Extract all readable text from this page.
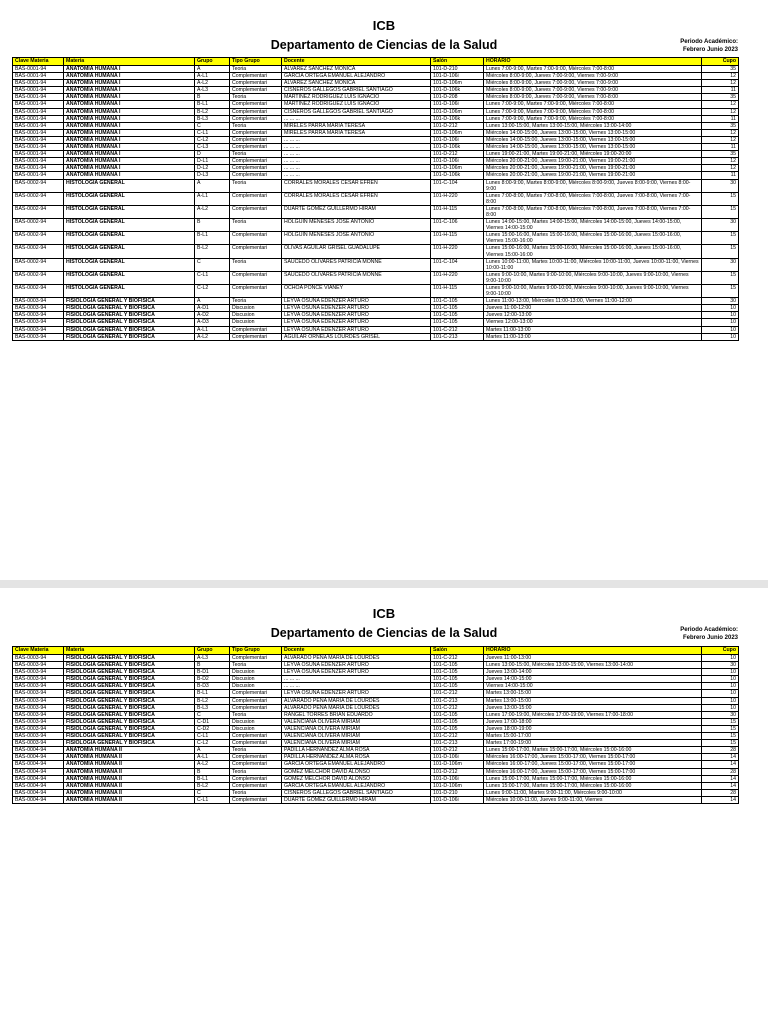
ICB
Departamento de Ciencias de la Salud	Periodo Académico:
Febrero Junio 2023
Clave Materia	Materia	Grupo	Tipo Grupo	Docente	Salón	HORARIO	Cupo
BAS-0001-94	ANATOMIA HUMANA I	A	Teoria	ALVAREZ SANCHEZ MONICA	101-D-210	Lunes 7:00-9:00, Martes 7:00-9:00, Miércoles 7:00-8:00	35
BAS-0001-94	ANATOMIA HUMANA I	A-L1	Complementari	GARCIA ORTEGA EMANUEL ALEJANDRO	101-D-106i	Miércoles 8:00-9:00, Jueves 7:00-9:00, Viernes 7:00-9:00	12
BAS-0001-94	ANATOMIA HUMANA I	A-L2	Complementari	ALVAREZ SANCHEZ MONICA	101-D-106m	Miércoles 8:00-9:00, Jueves 7:00-9:00, Viernes 7:00-9:00	12
BAS-0001-94	ANATOMIA HUMANA I	A-L3	Complementari	CISNEROS GALLEGOS GABRIEL SANTIAGO	101-D-106k	Miércoles 8:00-9:00, Jueves 7:00-9:00, Viernes 7:00-9:00	11
BAS-0001-94	ANATOMIA HUMANA I	B	Teoria	MARTINEZ RODRIGUEZ LUIS IGNACIO	101-D-208	Miércoles 8:00-9:00, Jueves 7:00-9:00, Viernes 7:00-8:00	35
BAS-0001-94	ANATOMIA HUMANA I	B-L1	Complementari	MARTINEZ RODRIGUEZ LUIS IGNACIO	101-D-106i	Lunes 7:00-9:00, Martes 7:00-9:00, Miércoles 7:00-8:00	12
BAS-0001-94	ANATOMIA HUMANA I	B-L2	Complementari	CISNEROS GALLEGOS GABRIEL SANTIAGO	101-D-106m	Lunes 7:00-9:00, Martes 7:00-9:00, Miércoles 7:00-8:00	12
BAS-0001-94	ANATOMIA HUMANA I	B-L3	Complementari	... ... ...	101-D-106k	Lunes 7:00-9:00, Martes 7:00-9:00, Miércoles 7:00-8:00	11
BAS-0001-94	ANATOMIA HUMANA I	C	Teoria	MIRELES PARRA MARIA TERESA	101-D-212	Lunes 13:00-15:00, Martes 13:00-15:00, Miércoles 13:00-14:00	35
BAS-0001-94	ANATOMIA HUMANA I	C-L1	Complementari	MIRELES PARRA MARIA TERESA	101-D-106m	Miércoles 14:00-15:00, Jueves 13:00-15:00, Viernes 13:00-15:00	12
BAS-0001-94	ANATOMIA HUMANA I	C-L2	Complementari	... ... ...	101-D-106i	Miércoles 14:00-15:00, Jueves 13:00-15:00, Viernes 13:00-15:00	12
BAS-0001-94	ANATOMIA HUMANA I	C-L3	Complementari	... ... ...	101-D-106k	Miércoles 14:00-15:00, Jueves 13:00-15:00, Viernes 13:00-15:00	11
BAS-0001-94	ANATOMIA HUMANA I	D	Teoria	... ... ...	101-D-212	Lunes 19:00-21:00, Martes 19:00-21:00, Miércoles 19:00-20:00	35
BAS-0001-94	ANATOMIA HUMANA I	D-L1	Complementari	... ... ...	101-D-106i	Miércoles 20:00-21:00, Jueves 19:00-21:00, Viernes 19:00-21:00	12
BAS-0001-94	ANATOMIA HUMANA I	D-L2	Complementari	... ... ...	101-D-106m	Miércoles 20:00-21:00, Jueves 19:00-21:00, Viernes 19:00-21:00	12
BAS-0001-94	ANATOMIA HUMANA I	D-L3	Complementari	... ... ...	101-D-106k	Miércoles 20:00-21:00, Jueves 19:00-21:00, Viernes 19:00-21:00	11
BAS-0002-94	HISTOLOGIA GENERAL	A	Teoria	CORRALES MORALES CESAR EFREN	101-C-104	Lunes 8:00-9:00, Martes 8:00-9:00, Miércoles 8:00-9:00, Jueves 8:00-9:00, Viernes 8:00-9:00	30
BAS-0002-94	HISTOLOGIA GENERAL	A-L1	Complementari	CORRALES MORALES CESAR EFREN	101-H-220	Lunes 7:00-8:00, Martes 7:00-8:00, Miércoles 7:00-8:00, Jueves 7:00-8:00, Viernes 7:00-8:00	15
BAS-0002-94	HISTOLOGIA GENERAL	A-L2	Complementari	DUARTE GOMEZ GUILLERMO HIRAM	101-H-115	Lunes 7:00-8:00, Martes 7:00-8:00, Miércoles 7:00-8:00, Jueves 7:00-8:00, Viernes 7:00-8:00	15
BAS-0002-94	HISTOLOGIA GENERAL	B	Teoria	HOLGUIN MENESES JOSE ANTONIO	101-C-106	Lunes 14:00-15:00, Martes 14:00-15:00, Miércoles 14:00-15:00, Jueves 14:00-15:00, Viernes 14:00-15:00	30
BAS-0002-94	HISTOLOGIA GENERAL	B-L1	Complementari	HOLGUIN MENESES JOSE ANTONIO	101-H-115	Lunes 15:00-16:00, Martes 15:00-16:00, Miércoles 15:00-16:00, Jueves 15:00-16:00, Viernes 15:00-16:00	15
BAS-0002-94	HISTOLOGIA GENERAL	B-L2	Complementari	OLIVAS AGUILAR GRISEL GUADALUPE	101-H-220	Lunes 15:00-16:00, Martes 15:00-16:00, Miércoles 15:00-16:00, Jueves 15:00-16:00, Viernes 15:00-16:00	15
BAS-0002-94	HISTOLOGIA GENERAL	C	Teoria	SAUCEDO OLIVARES PATRICIA MONNE	101-C-104	Lunes 10:00-11:00, Martes 10:00-11:00, Miércoles 10:00-11:00, Jueves 10:00-11:00, Viernes 10:00-11:00	30
BAS-0002-94	HISTOLOGIA GENERAL	C-L1	Complementari	SAUCEDO OLIVARES PATRICIA MONNE	101-H-220	Lunes 9:00-10:00, Martes 9:00-10:00, Miércoles 9:00-10:00, Jueves 9:00-10:00, Viernes 9:00-10:00	15
BAS-0002-94	HISTOLOGIA GENERAL	C-L2	Complementari	OCHOA PONCE VIANEY	101-H-115	Lunes 9:00-10:00, Martes 9:00-10:00, Miércoles 9:00-10:00, Jueves 9:00-10:00, Viernes 9:00-10:00	15
BAS-0003-94	FISIOLOGIA GENERAL Y BIOFISICA	A	Teoria	LEYVA OSUNA EDENZER ARTURO	101-C-105	Lunes 11:00-13:00, Miércoles 11:00-13:00, Viernes 11:00-12:00	30
BAS-0003-94	FISIOLOGIA GENERAL Y BIOFISICA	A-D1	Discusion	LEYVA OSUNA EDENZER ARTURO	101-C-105	Jueves 11:00-12:00	10
BAS-0003-94	FISIOLOGIA GENERAL Y BIOFISICA	A-D2	Discusion	LEYVA OSUNA EDENZER ARTURO	101-C-105	Jueves 12:00-13:00	10
BAS-0003-94	FISIOLOGIA GENERAL Y BIOFISICA	A-D3	Discusion	LEYVA OSUNA EDENZER ARTURO	101-C-105	Viernes 12:00-13:00	10
BAS-0003-94	FISIOLOGIA GENERAL Y BIOFISICA	A-L1	Complementari	LEYVA OSUNA EDENZER ARTURO	101-C-212	Martes 11:00-13:00	10
BAS-0003-94	FISIOLOGIA GENERAL Y BIOFISICA	A-L2	Complementari	AGUILAR ORNELAS LOURDES GRISEL	101-C-213	Martes 11:00-13:00	10
ICB
Departamento de Ciencias de la Salud	Periodo Académico:
Febrero Junio 2023
Clave Materia	Materia	Grupo	Tipo Grupo	Docente	Salón	HORARIO	Cupo
BAS-0003-94	FISIOLOGIA GENERAL Y BIOFISICA	A-L3	Complementari	ALVARADO PEÑA MARIA DE LOURDES	101-C-212	Jueves 11:00-13:00	10
BAS-0003-94	FISIOLOGIA GENERAL Y BIOFISICA	B	Teoria	LEYVA OSUNA EDENZER ARTURO	101-C-105	Lunes 13:00-15:00, Miércoles 13:00-15:00, Viernes 13:00-14:00	30
BAS-0003-94	FISIOLOGIA GENERAL Y BIOFISICA	B-D1	Discusion	LEYVA OSUNA EDENZER ARTURO	101-C-105	Jueves 13:00-14:00	10
BAS-0003-94	FISIOLOGIA GENERAL Y BIOFISICA	B-D2	Discusion	... ... ...	101-C-105	Jueves 14:00-15:00	10
BAS-0003-94	FISIOLOGIA GENERAL Y BIOFISICA	B-D3	Discusion	... ... ...	101-C-105	Viernes 14:00-15:00	10
BAS-0003-94	FISIOLOGIA GENERAL Y BIOFISICA	B-L1	Complementari	LEYVA OSUNA EDENZER ARTURO	101-C-212	Martes 13:00-15:00	10
BAS-0003-94	FISIOLOGIA GENERAL Y BIOFISICA	B-L2	Complementari	ALVARADO PEÑA MARIA DE LOURDES	101-C-213	Martes 13:00-15:00	10
BAS-0003-94	FISIOLOGIA GENERAL Y BIOFISICA	B-L3	Complementari	ALVARADO PEÑA MARIA DE LOURDES	101-C-212	Jueves 13:00-15:00	10
BAS-0003-94	FISIOLOGIA GENERAL Y BIOFISICA	C	Teoria	RANGEL TORRES BRIAN EDUARDO	101-C-105	Lunes 17:00-19:00, Miércoles 17:00-19:00, Viernes 17:00-18:00	30
BAS-0003-94	FISIOLOGIA GENERAL Y BIOFISICA	C-D1	Discusion	VALENCIANA OLIVERA MIRIAM	101-C-105	Jueves 17:00-18:00	15
BAS-0003-94	FISIOLOGIA GENERAL Y BIOFISICA	C-D2	Discusion	VALENCIANA OLIVERA MIRIAM	101-C-105	Jueves 18:00-19:00	15
BAS-0003-94	FISIOLOGIA GENERAL Y BIOFISICA	C-L1	Complementari	VALENCIANA OLIVERA MIRIAM	101-C-212	Martes 15:00-17:00	15
BAS-0003-94	FISIOLOGIA GENERAL Y BIOFISICA	C-L2	Complementari	VALENCIANA OLIVERA MIRIAM	101-C-213	Martes 17:00-19:00	15
BAS-0004-94	ANATOMIA HUMANA II	A	Teoria	PADILLA HERNANDEZ ALMA ROSA	101-D-212	Lunes 15:00-17:00, Martes 15:00-17:00, Miércoles 15:00-16:00	28
BAS-0004-94	ANATOMIA HUMANA II	A-L1	Complementari	PADILLA HERNANDEZ ALMA ROSA	101-D-106i	Miércoles 16:00-17:00, Jueves 15:00-17:00, Viernes 15:00-17:00	14
BAS-0004-94	ANATOMIA HUMANA II	A-L2	Complementari	GARCIA ORTEGA EMANUEL ALEJANDRO	101-D-106m	Miércoles 16:00-17:00, Jueves 15:00-17:00, Viernes 15:00-17:00	14
BAS-0004-94	ANATOMIA HUMANA II	B	Teoria	GOMEZ MELCHOR DAVID ALONSO	101-D-212	Miércoles 16:00-17:00, Jueves 15:00-17:00, Viernes 15:00-17:00	28
BAS-0004-94	ANATOMIA HUMANA II	B-L1	Complementari	GOMEZ MELCHOR DAVID ALONSO	101-D-106i	Lunes 15:00-17:00, Martes 15:00-17:00, Miércoles 15:00-16:00	14
BAS-0004-94	ANATOMIA HUMANA II	B-L2	Complementari	GARCIA ORTEGA EMANUEL ALEJANDRO	101-D-106m	Lunes 15:00-17:00, Martes 15:00-17:00, Miércoles 15:00-16:00	14
BAS-0004-94	ANATOMIA HUMANA II	C	Teoria	CISNEROS GALLEGOS GABRIEL SANTIAGO	101-D-210	Lunes 9:00-11:00, Martes 9:00-11:00, Miércoles 9:00-10:00	28
BAS-0004-94	ANATOMIA HUMANA II	C-L1	Complementari	DUARTE GOMEZ GUILLERMO HIRAM	101-D-106i	Miércoles 10:00-11:00, Jueves 9:00-11:00, Viernes	14
